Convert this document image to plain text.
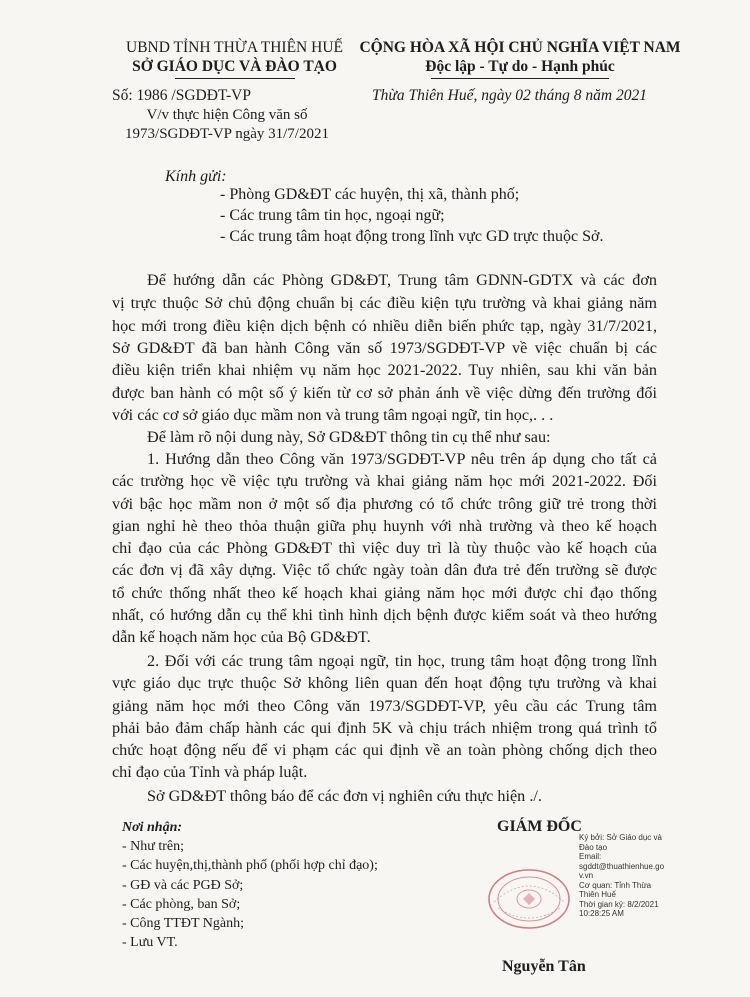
UBND TỈNH THỪA THIÊN HUẾ
SỞ GIÁO DỤC VÀ ĐÀO TẠO
CỘNG HÒA XÃ HỘI CHỦ NGHĨA VIỆT NAM
Độc lập - Tự do - Hạnh phúc
Số: 1986 /SGDĐT-VP	Thừa Thiên Huế, ngày 02 tháng 8 năm 2021
V/v thực hiện Công văn số
1973/SGDĐT-VP ngày 31/7/2021
Kính gửi:
- Phòng GD&ĐT các huyện, thị xã, thành phố;
- Các trung tâm tin học, ngoại ngữ;
- Các trung tâm hoạt động trong lĩnh vực GD trực thuộc Sở.
Để hướng dẫn các Phòng GD&ĐT, Trung tâm GDNN-GDTX và các đơn
vị trực thuộc Sở chủ động chuẩn bị các điều kiện tựu trường và khai giảng năm
học mới trong điều kiện dịch bệnh có nhiều diễn biến phức tạp, ngày 31/7/2021,
Sở GD&ĐT đã ban hành Công văn số 1973/SGDĐT-VP về việc chuẩn bị các
điều kiện triển khai nhiệm vụ năm học 2021-2022. Tuy nhiên, sau khi văn bản
được ban hành có một số ý kiến từ cơ sở phản ánh về việc dừng đến trường đối
với các cơ sở giáo dục mầm non và trung tâm ngoại ngữ, tin học,. . .
Để làm rõ nội dung này, Sở GD&ĐT thông tin cụ thể như sau:
1. Hướng dẫn theo Công văn 1973/SGDĐT-VP nêu trên áp dụng cho tất cả
các trường học về việc tựu trường và khai giảng năm học mới 2021-2022. Đối
với bậc học mầm non ở một số địa phương có tổ chức trông giữ trẻ trong thời
gian nghỉ hè theo thỏa thuận giữa phụ huynh với nhà trường và theo kế hoạch
chỉ đạo của các Phòng GD&ĐT thì việc duy trì là tùy thuộc vào kế hoạch của
các đơn vị đã xây dựng. Việc tổ chức ngày toàn dân đưa trẻ đến trường sẽ được
tổ chức thống nhất theo kế hoạch khai giảng năm học mới được chỉ đạo thống
nhất, có hướng dẫn cụ thể khi tình hình dịch bệnh được kiểm soát và theo hướng
dẫn kế hoạch năm học của Bộ GD&ĐT.
2. Đối với các trung tâm ngoại ngữ, tin học, trung tâm hoạt động trong lĩnh
vực giáo dục trực thuộc Sở không liên quan đến hoạt động tựu trường và khai
giảng năm học mới theo Công văn 1973/SGDĐT-VP, yêu cầu các Trung tâm
phải bảo đảm chấp hành các qui định 5K và chịu trách nhiệm trong quá trình tổ
chức hoạt động nếu để vi phạm các qui định về an toàn phòng chống dịch theo
chỉ đạo của Tỉnh và pháp luật.
Sở GD&ĐT thông báo để các đơn vị nghiên cứu thực hiện ./.
Nơi nhận:
- Như trên;
- Các huyện,thị,thành phố (phối hợp chỉ đạo);
- GĐ và các PGĐ Sở;
- Các phòng, ban Sở;
- Công TTĐT Ngành;
- Lưu VT.
GIÁM ĐỐC
Ký bởi: Sở Giáo dục và
Đào tạo
Email:
sgddt@thuathienhue.go
v.vn
Cơ quan: Tỉnh Thừa
Thiên Huế
Thời gian ký: 8/2/2021
10:28:25 AM
Nguyễn Tân
